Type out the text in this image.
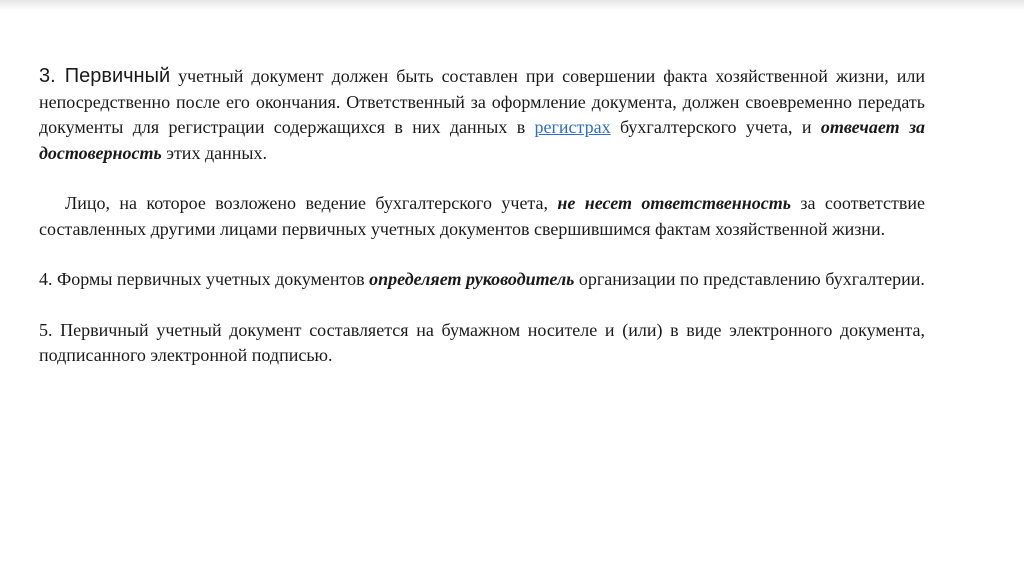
3. Первичный учетный документ должен быть составлен при совершении факта хозяйственной жизни, или непосредственно после его окончания. Ответственный за оформление документа, должен своевременно передать документы для регистрации содержащихся в них данных в регистрах бухгалтерского учета, и отвечает за достоверность этих данных.

Лицо, на которое возложено ведение бухгалтерского учета, не несет ответственность за соответствие составленных другими лицами первичных учетных документов свершившимся фактам хозяйственной жизни.

4. Формы первичных учетных документов определяет руководитель организации по представлению бухгалтерии.

5. Первичный учетный документ составляется на бумажном носителе и (или) в виде электронного документа, подписанного электронной подписью.
